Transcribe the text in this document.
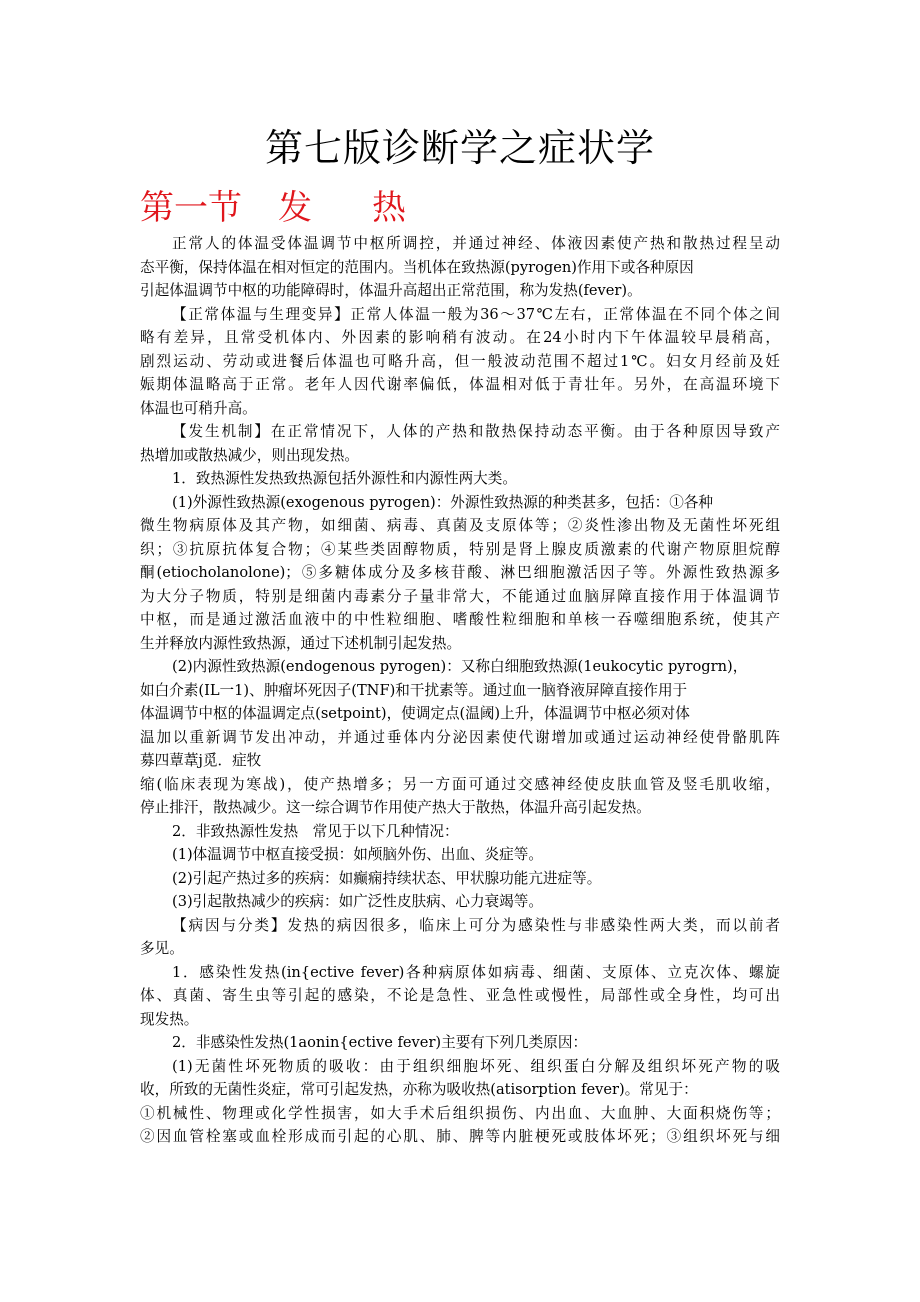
第七版诊断学之症状学
第一节 发 热

正常人的体温受体温调节中枢所调控，并通过神经、体液因素使产热和散热过程呈动

态平衡，保持体温在相对恒定的范围内。当机体在致热源(pyrogen)作用下或各种原因

引起体温调节中枢的功能障碍时，体温升高超出正常范围，称为发热(fever)。

【正常体温与生理变异】正常人体温一般为36～37℃左右，正常体温在不同个体之间

略有差异，且常受机体内、外因素的影响稍有波动。在24小时内下午体温较早晨稍高，

剧烈运动、劳动或进餐后体温也可略升高，但一般波动范围不超过1℃。妇女月经前及妊

娠期体温略高于正常。老年人因代谢率偏低，体温相对低于青壮年。另外，在高温环境下

体温也可稍升高。

【发生机制】在正常情况下，人体的产热和散热保持动态平衡。由于各种原因导致产

热增加或散热减少，则出现发热。

1．致热源性发热致热源包括外源性和内源性两大类。

(1)外源性致热源(exogenous pyrogen)：外源性致热源的种类甚多，包括：①各种

微生物病原体及其产物，如细菌、病毒、真菌及支原体等；②炎性渗出物及无菌性坏死组

织；③抗原抗体复合物；④某些类固醇物质，特别是肾上腺皮质激素的代谢产物原胆烷醇

酮(etiocholanolone)；⑤多糖体成分及多核苷酸、淋巴细胞激活因子等。外源性致热源多

为大分子物质，特别是细菌内毒素分子量非常大，不能通过血脑屏障直接作用于体温调节

中枢，而是通过激活血液中的中性粒细胞、嗜酸性粒细胞和单核一吞噬细胞系统，使其产

生并释放内源性致热源，通过下述机制引起发热。

(2)内源性致热源(endogenous pyrogen)：又称白细胞致热源(1eukocytic pyrogrn)，

如白介素(IL一1)、肿瘤坏死因子(TNF)和干扰素等。通过血一脑脊液屏障直接作用于

体温调节中枢的体温调定点(setpoint)，使调定点(温阈)上升，体温调节中枢必须对体

温加以重新调节发出冲动，并通过垂体内分泌因素使代谢增加或通过运动神经使骨骼肌阵

募四蕈葦j觅．症牧

缩(临床表现为寒战)，使产热增多；另一方面可通过交感神经使皮肤血管及竖毛肌收缩，

停止排汗，散热减少。这一综合调节作用使产热大于散热，体温升高引起发热。

2．非致热源性发热　常见于以下几种情况：

(1)体温调节中枢直接受损：如颅脑外伤、出血、炎症等。

(2)引起产热过多的疾病：如癫痫持续状态、甲状腺功能亢进症等。

(3)引起散热减少的疾病：如广泛性皮肤病、心力衰竭等。

【病因与分类】发热的病因很多，临床上可分为感染性与非感染性两大类，而以前者

多见。

1．感染性发热(in{ective fever)各种病原体如病毒、细菌、支原体、立克次体、螺旋

体、真菌、寄生虫等引起的感染，不论是急性、亚急性或慢性，局部性或全身性，均可出

现发热。

2．非感染性发热(1aonin{ective fever)主要有下列几类原因：

(1)无菌性坏死物质的吸收：由于组织细胞坏死、组织蛋白分解及组织坏死产物的吸

收，所致的无菌性炎症，常可引起发热，亦称为吸收热(atisorption fever)。常见于：

①机械性、物理或化学性损害，如大手术后组织损伤、内出血、大血肿、大面积烧伤等；

②因血管栓塞或血栓形成而引起的心肌、肺、脾等内脏梗死或肢体坏死；③组织坏死与细
